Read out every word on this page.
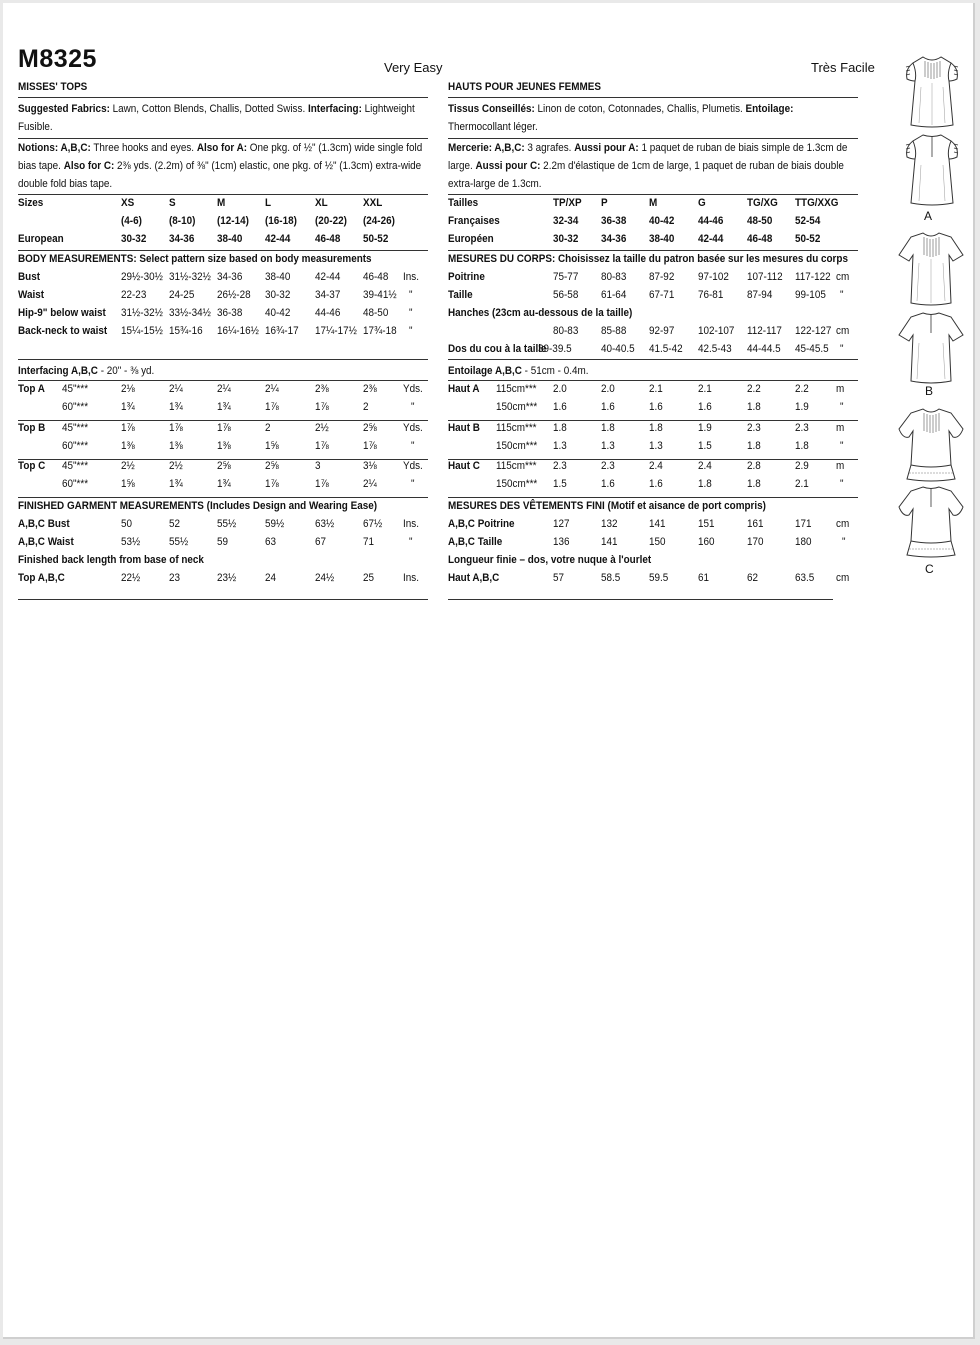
M8325	Very Easy	Très Facile
MISSES' TOPS
Suggested Fabrics: Lawn, Cotton Blends, Challis, Dotted Swiss. Interfacing: Lightweight Fusible.
Notions: A,B,C: Three hooks and eyes. Also for A: One pkg. of ½" (1.3cm) wide single fold bias tape. Also for C: 2⅜ yds. (2.2m) of ⅜" (1cm) elastic, one pkg. of ½" (1.3cm) extra-wide double fold bias tape.
Sizes	XS	S	M	L	XL	XXL
(4-6) (8-10) (12-14) (16-18) (20-22) (24-26)
European	30-32 34-36 38-40 42-44 46-48 50-52
BODY MEASUREMENTS: Select pattern size based on body measurements
Bust	29½-30½ 31½-32½ 34-36 38-40 42-44 46-48 Ins.
Waist	22-23 24-25 26½-28 30-32 34-37 39-41½ "
Hip-9" below waist 31½-32½ 33½-34½ 36-38 40-42 44-46 48-50 "
Back-neck to waist 15¼-15½ 15¾-16 16¼-16½ 16¾-17 17¼-17½ 17¾-18 "
Interfacing A,B,C - 20" - ⅜ yd.
Top A 45"***	2⅛	2¼	2¼	2¼	2⅜	2⅜ Yds.
60"***	1¾	1¾	1¾	1⅞	1⅞	2	"
Top B 45"***	1⅞	1⅞	1⅞	2	2½	2⅝ Yds.
60"***	1⅜	1⅜	1⅜	1⅝	1⅞	1⅞	"
Top C 45"***	2½	2½	2⅝	2⅝	3	3⅛ Yds.
60"***	1⅝	1¾	1¾	1⅞	1⅞	2¼	"
FINISHED GARMENT MEASUREMENTS (Includes Design and Wearing Ease)
A,B,C Bust	50	52	55½	59½	63½	67½ Ins.
A,B,C Waist	53½	55½	59	63	67	71	"
Finished back length from base of neck
Top A,B,C	22½	23	23½	24	24½	25	Ins.
HAUTS POUR JEUNES FEMMES
Tissus Conseillés: Linon de coton, Cotonnades, Challis, Plumetis. Entoilage: Thermocollant léger.
Mercerie: A,B,C: 3 agrafes. Aussi pour A: 1 paquet de ruban de biais simple de 1.3cm de large. Aussi pour C: 2.2m d'élastique de 1cm de large, 1 paquet de ruban de biais double extra-large de 1.3cm.
Tailles	TP/XP P	M	G	TG/XG TTG/XXG
Françaises	32-34 36-38 40-42 44-46 48-50 52-54
Européen	30-32 34-36 38-40 42-44 46-48 50-52
MESURES DU CORPS: Choisissez la taille du patron basée sur les mesures du corps
Poitrine	75-77 80-83 87-92 97-102 107-112 117-122 cm
Taille	56-58 61-64 67-71 76-81 87-94 99-105 "
Hanches (23cm au-dessous de la taille)
80-83 85-88 92-97 102-107 112-117 122-127 cm
Dos du cou à la taille
39-39.5	40-40.5 41.5-42 42.5-43 44-44.5 45-45.5 "
Entoilage A,B,C - 51cm - 0.4m.
Haut A 115cm*** 2.0	2.0	2.1	2.1	2.2	2.2 m
150cm*** 1.6	1.6	1.6	1.6	1.8	1.9	"
Haut B 115cm*** 1.8	1.8	1.8	1.9	2.3	2.3 m
150cm*** 1.3	1.3	1.3	1.5	1.8	1.8	"
Haut C 115cm*** 2.3	2.3	2.4	2.4	2.8	2.9 m
150cm*** 1.5	1.6	1.6	1.8	1.8	2.1	"
MESURES DES VÊTEMENTS FINI (Motif et aisance de port compris)
A,B,C Poitrine	127	132	141	151	161	171 cm
A,B,C Taille	136	141	150	160	170	180	"
Longueur finie – dos, votre nuque à l'ourlet
Haut A,B,C	57	58.5	59.5	61	62	63.5 cm
A
B
C
